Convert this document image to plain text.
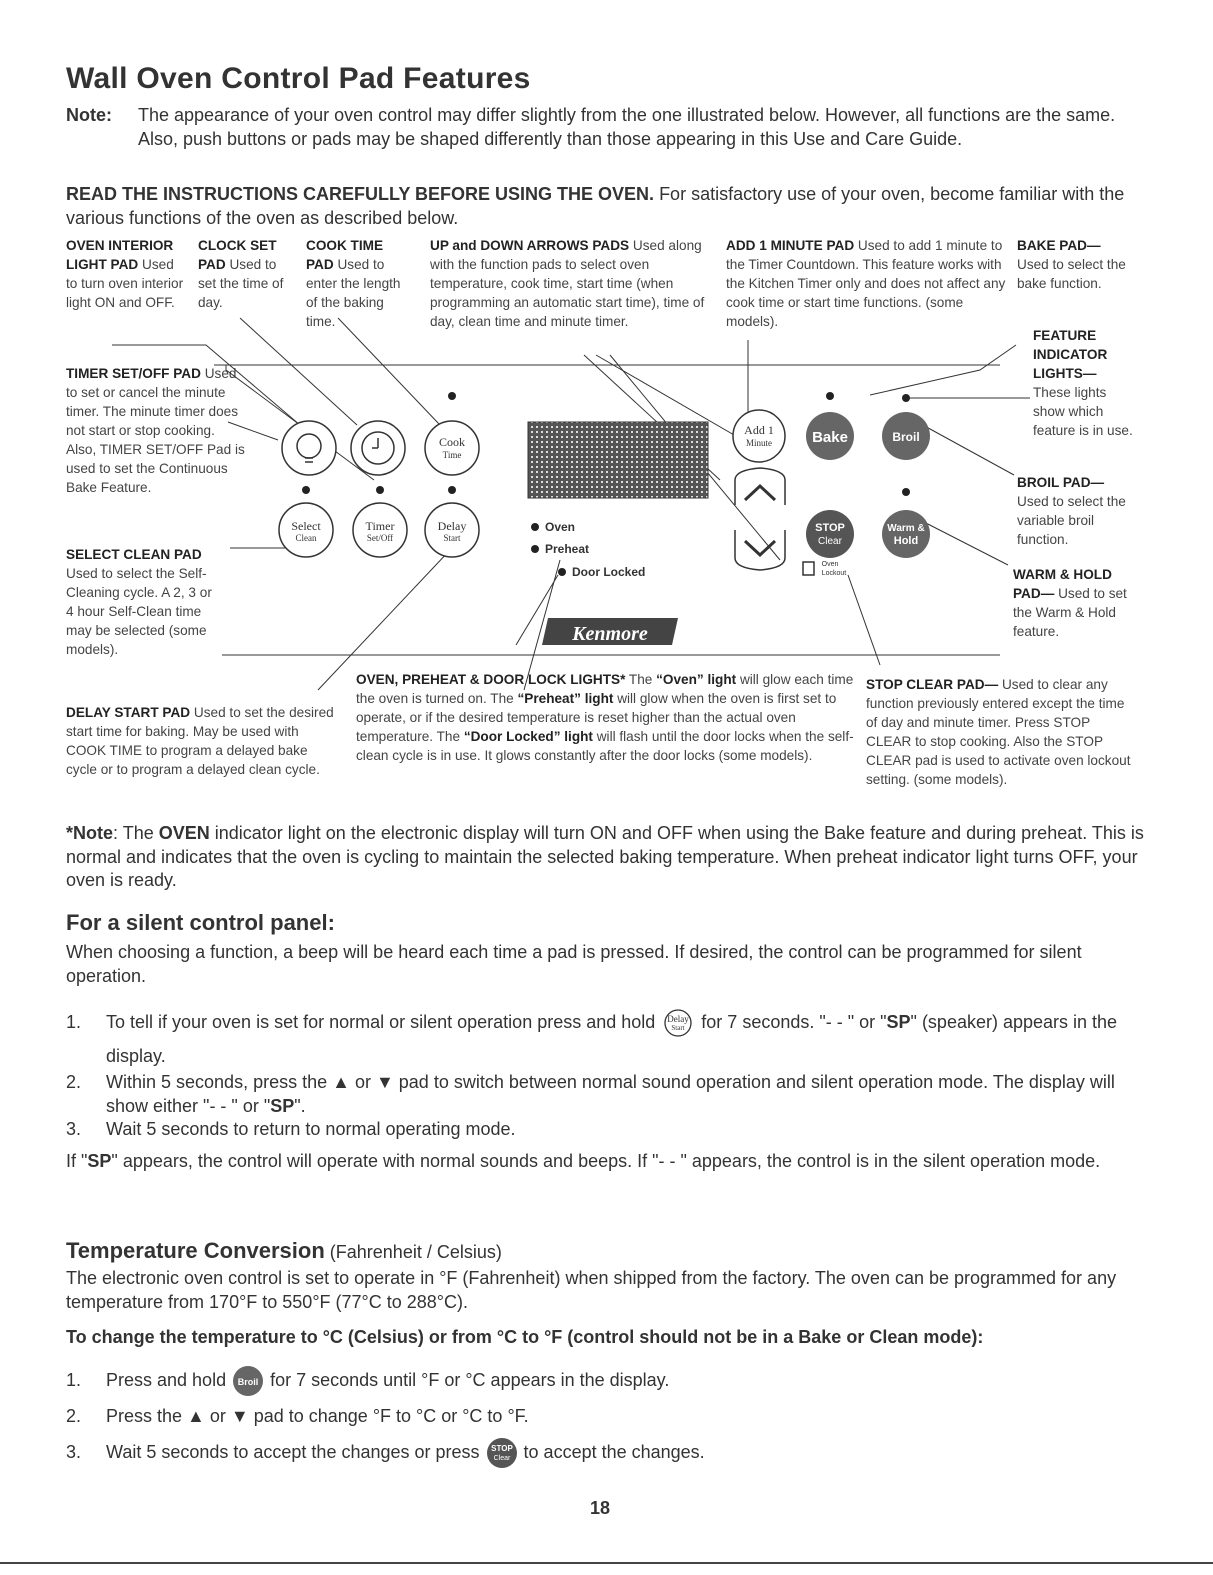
Wall Oven Control Pad Features
Note:	The appearance of your oven control may differ slightly from the one illustrated below. However, all functions are the same. Also, push buttons or pads may be shaped differently than those appearing in this Use and Care Guide.
READ THE INSTRUCTIONS CAREFULLY BEFORE USING THE OVEN. For satisfactory use of your oven, become familiar with the various functions of the oven as described below.
OVEN INTERIOR LIGHT PAD Used to turn oven interior light ON and OFF.
CLOCK SET PAD Used to set the time of day.
COOK TIME PAD Used to enter the length of the baking time.
UP and DOWN ARROWS PADS Used along with the function pads to select oven temperature, cook time, start time (when programming an automatic start time), time of day, clean time and minute timer.
ADD 1 MINUTE PAD Used to add 1 minute to the Timer Countdown. This feature works with the Kitchen Timer only and does not affect any cook time or start time functions. (some models).
BAKE PAD— Used to select the bake function.
FEATURE INDICATOR LIGHTS— These lights show which feature is in use.
BROIL PAD— Used to select the variable broil function.
WARM & HOLD PAD— Used to set the Warm & Hold feature.
TIMER SET/OFF PAD Used to set or cancel the minute timer. The minute timer does not start or stop cooking. Also, TIMER SET/OFF Pad is used to set the Continuous Bake Feature.
SELECT CLEAN PAD Used to select the Self-Cleaning cycle. A 2, 3 or 4 hour Self-Clean time may be selected (some models).
DELAY START PAD Used to set the desired start time for baking. May be used with COOK TIME to program a delayed bake cycle or to program a delayed clean cycle.
OVEN, PREHEAT & DOOR LOCK LIGHTS* The “Oven” light will glow each time the oven is turned on. The “Preheat” light will glow when the oven is first set to operate, or if the desired temperature is reset higher than the actual oven temperature. The “Door Locked” light will flash until the door locks when the self-clean cycle is in use. It glows constantly after the door locks (some models).
STOP CLEAR PAD— Used to clear any function previously entered except the time of day and minute timer. Press STOP CLEAR to stop cooking. Also the STOP CLEAR pad is used to activate oven lockout setting. (some models).
Cook
Time
Select
Clean
Timer
Set/Off
Delay
Start
Oven
Preheat
Door Locked
Kenmore
Add 1
Minute	Bake	Broil
STOP
Clear
Warm &
Hold
Oven
Lockout
*Note: The OVEN indicator light on the electronic display will turn ON and OFF when using the Bake feature and during preheat. This is normal and indicates that the oven is cycling to maintain the selected baking temperature. When preheat indicator light turns OFF, your oven is ready.
For a silent control panel:
When choosing a function, a beep will be heard each time a pad is pressed. If desired, the control can be programmed for silent operation.
1. To tell if your oven is set for normal or silent operation press and hold Delay
Start for 7 seconds. "- - " or "SP" (speaker) appears in the display.
2. Within 5 seconds, press the ▲ or ▼ pad to switch between normal sound operation and silent operation mode. The display will show either "- - " or "SP".
3. Wait 5 seconds to return to normal operating mode.
If "SP" appears, the control will operate with normal sounds and beeps. If "- - " appears, the control is in the silent operation mode.
Temperature Conversion (Fahrenheit / Celsius)
The electronic oven control is set to operate in °F (Fahrenheit) when shipped from the factory. The oven can be programmed for any temperature from 170°F to 550°F (77°C to 288°C).
To change the temperature to °C (Celsius) or from °C to °F (control should not be in a Bake or Clean mode):
1. Press and hold Broil for 7 seconds until °F or °C appears in the display.
2. Press the ▲ or ▼ pad to change °F to °C or °C to °F.
3. Wait 5 seconds to accept the changes or press STOP
Clear to accept the changes.
18
